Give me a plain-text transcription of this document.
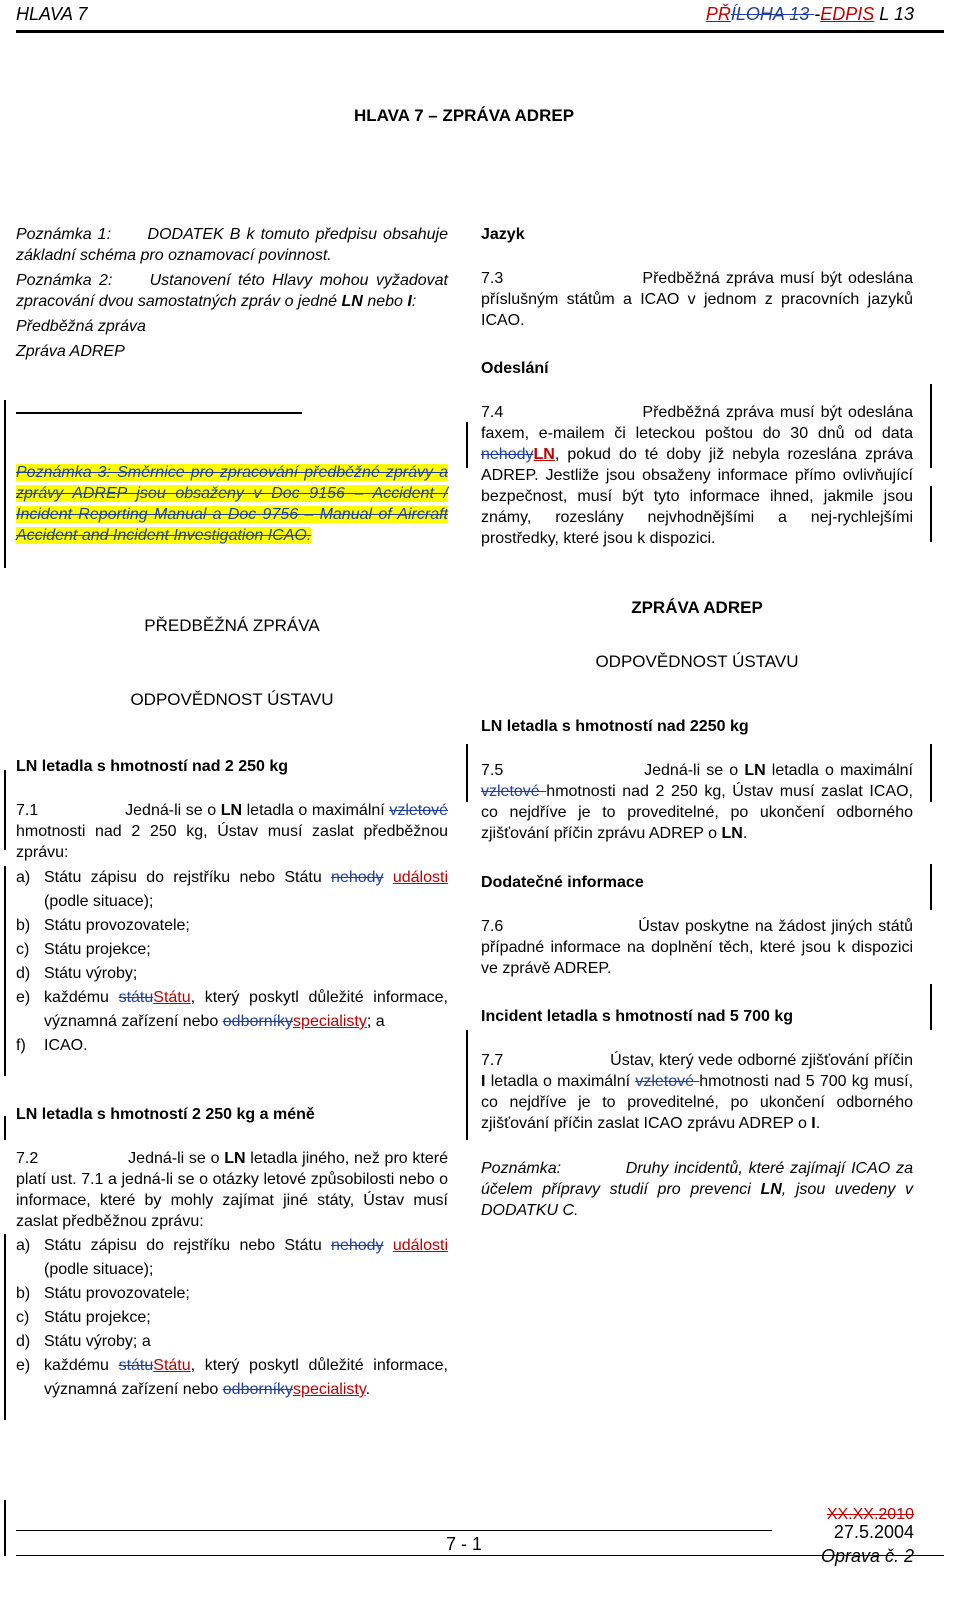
HLAVA 7	PŘÍLOHA 13 -EDPIS L 13
HLAVA 7 – ZPRÁVA ADREP
Poznámka 1: DODATEK B k tomuto předpisu obsahuje základní schéma pro oznamovací povinnost.
Poznámka 2: Ustanovení této Hlavy mohou vyžadovat zpracování dvou samostatných zpráv o jedné LN nebo I:
Předběžná zpráva
Zpráva ADREP
Poznámka 3: Směrnice pro zpracování předběžné zprávy a zprávy ADREP jsou obsaženy v Doc 9156 – Accident / Incident Reporting Manual a Doc 9756 – Manual of Aircraft Accident and Incident Investigation ICAO.
PŘEDBĚŽNÁ ZPRÁVA
ODPOVĚDNOST ÚSTAVU
LN letadla s hmotností nad 2 250 kg
7.1	Jedná-li se o LN letadla o maximální vzletové hmotnosti nad 2 250 kg, Ústav musí zaslat předběžnou zprávu:
a) Státu zápisu do rejstříku nebo Státu nehody události (podle situace);
b) Státu provozovatele;
c) Státu projekce;
d) Státu výroby;
e) každému státuStátu, který poskytl důležité informace, významná zařízení nebo odborníkyspecialisty; a
f)	ICAO.
LN letadla s hmotností 2 250 kg a méně
7.2	Jedná-li se o LN letadla jiného, než pro které platí ust. 7.1 a jedná-li se o otázky letové způsobilosti nebo o informace, které by mohly zajímat jiné státy, Ústav musí zaslat předběžnou zprávu:
a) Státu zápisu do rejstříku nebo Státu nehody události (podle situace);
b) Státu provozovatele;
c) Státu projekce;
d) Státu výroby; a
e) každému státuStátu, který poskytl důležité informace, významná zařízení nebo odborníkyspecialisty.
Jazyk
7.3	Předběžná zpráva musí být odeslána příslušným státům a ICAO v jednom z pracovních jazyků ICAO.
Odeslání
7.4	Předběžná zpráva musí být odeslána faxem, e-mailem či leteckou poštou do 30 dnů od data nehodyLN, pokud do té doby již nebyla rozeslána zpráva ADREP. Jestliže jsou obsaženy informace přímo ovlivňující bezpečnost, musí být tyto informace ihned, jakmile jsou známy, rozeslány nejvhodnějšími a nej-rychlejšími prostředky, které jsou k dispozici.
ZPRÁVA ADREP
ODPOVĚDNOST ÚSTAVU
LN letadla s hmotností nad 2250 kg
7.5	Jedná-li se o LN letadla o maximální vzletové hmotnosti nad 2 250 kg, Ústav musí zaslat ICAO, co nejdříve je to proveditelné, po ukončení odborného zjišťování příčin zprávu ADREP o LN.
Dodatečné informace
7.6	Ústav poskytne na žádost jiných států případné informace na doplnění těch, které jsou k dispozici ve zprávě ADREP.
Incident letadla s hmotností nad 5 700 kg
7.7	Ústav, který vede odborné zjišťování příčin I letadla o maximální vzletové hmotnosti nad 5 700 kg musí, co nejdříve je to proveditelné, po ukončení odborného zjišťování příčin zaslat ICAO zprávu ADREP o I.
Poznámka:	Druhy incidentů, které zajímají ICAO za účelem přípravy studií pro prevenci LN, jsou uvedeny v DODATKU C.
7 - 1
XX.XX.2010
27.5.2004
Oprava č. 2
